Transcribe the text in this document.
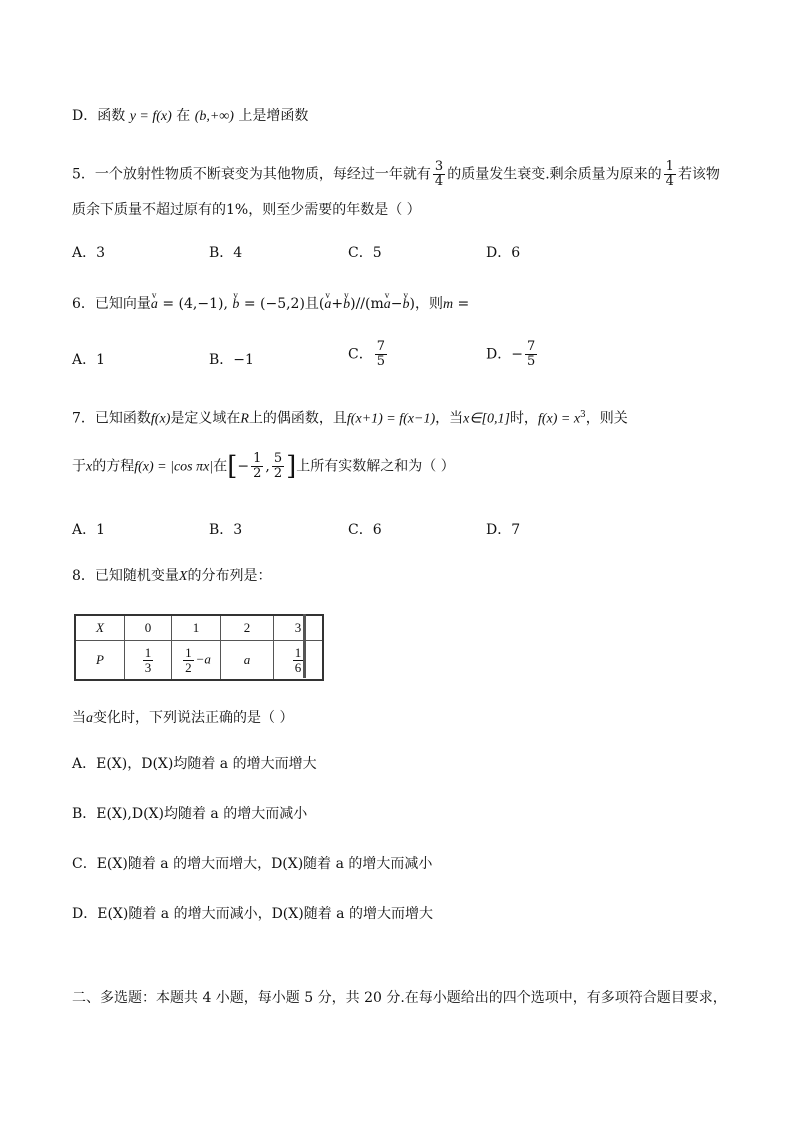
D．函数 y = f(x) 在 (b,+∞) 上是增函数
5．一个放射性物质不断衰变为其他物质，每经过一年就有 $\frac{3}{4}$ 的质量发生衰变.剩余质量为原来的 $\frac{1}{4}$ 若该物
质余下质量不超过原有的1%，则至少需要的年数是（ ）
A．3	B．4	C．5	D．6
6．已知向量v a = (4,−1), v b = (−5,2)且(v a+v b)//(mv a−v b)，则m =
A．1	B．−1	C． $\frac{7}{5}$	D．− $\frac{7}{5}$
7．已知函数f(x)是定义域在R上的偶函数，且f(x+1) = f(x−1)，当x∈[0,1]时，$f(x) = x^3$，则关
于x的方程f(x) = |cos πx|在[− $\frac{1}{2}$ , $\frac{5}{2}$ ]上所有实数解之和为（ ）
A．1	B．3	C．6	D．7
8．已知随机变量X的分布列是：
X	0	1	2	3
P	$\frac{1}{3}$	$\frac{1}{2} -a$	a	$\frac{1}{6}$
当a变化时，下列说法正确的是（ ）
A．E(X)，D(X)均随着 a 的增大而增大
B．E(X),D(X)均随着 a 的增大而减小
C．E(X)随着 a 的增大而增大，D(X)随着 a 的增大而减小
D．E(X)随着 a 的增大而减小，D(X)随着 a 的增大而增大
二、多选题：本题共 4 小题，每小题 5 分，共 20 分.在每小题给出的四个选项中，有多项符合题目要求，
